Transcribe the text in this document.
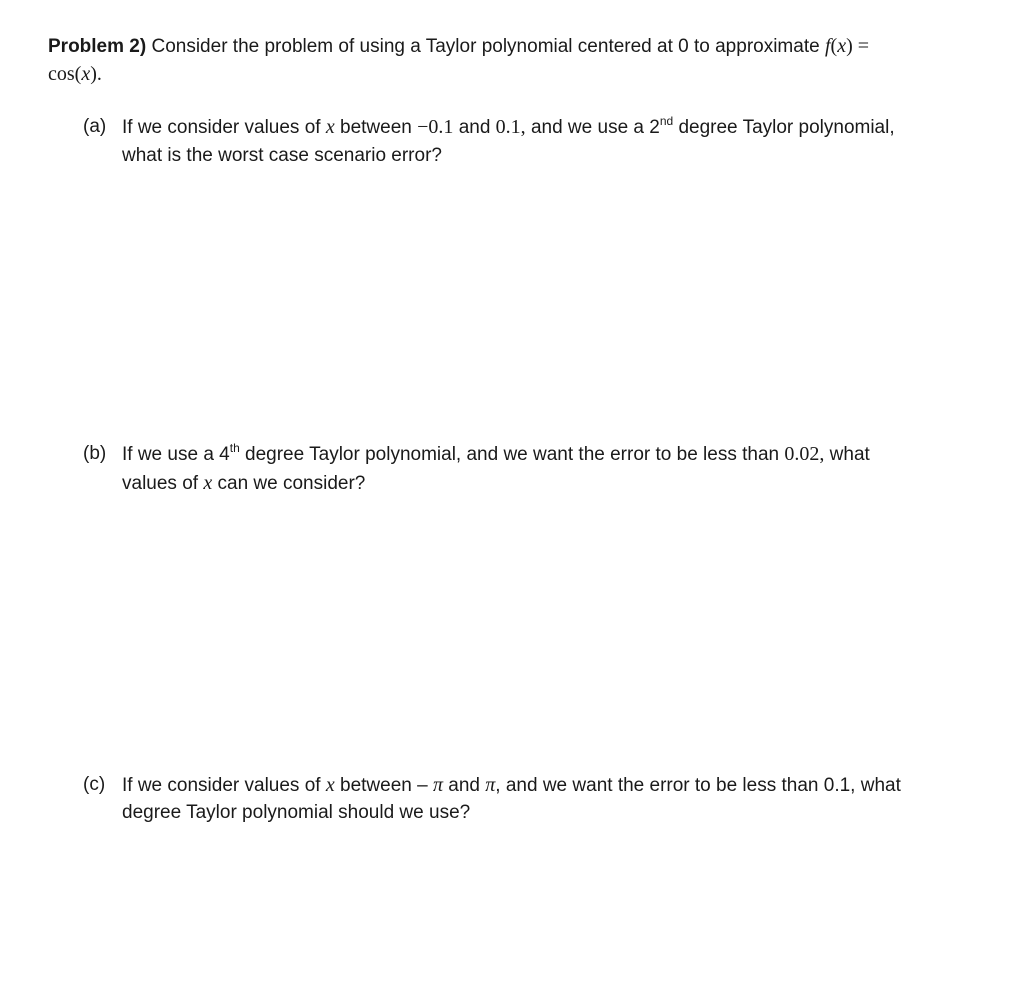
Problem 2) Consider the problem of using a Taylor polynomial centered at 0 to approximate f(x) =
cos(x).
(a) If we consider values of x between −0.1 and 0.1, and we use a 2nd degree Taylor polynomial,
what is the worst case scenario error?
(b) If we use a 4th degree Taylor polynomial, and we want the error to be less than 0.02, what
values of x can we consider?
(c) If we consider values of x between – π and π, and we want the error to be less than 0.1, what
degree Taylor polynomial should we use?
